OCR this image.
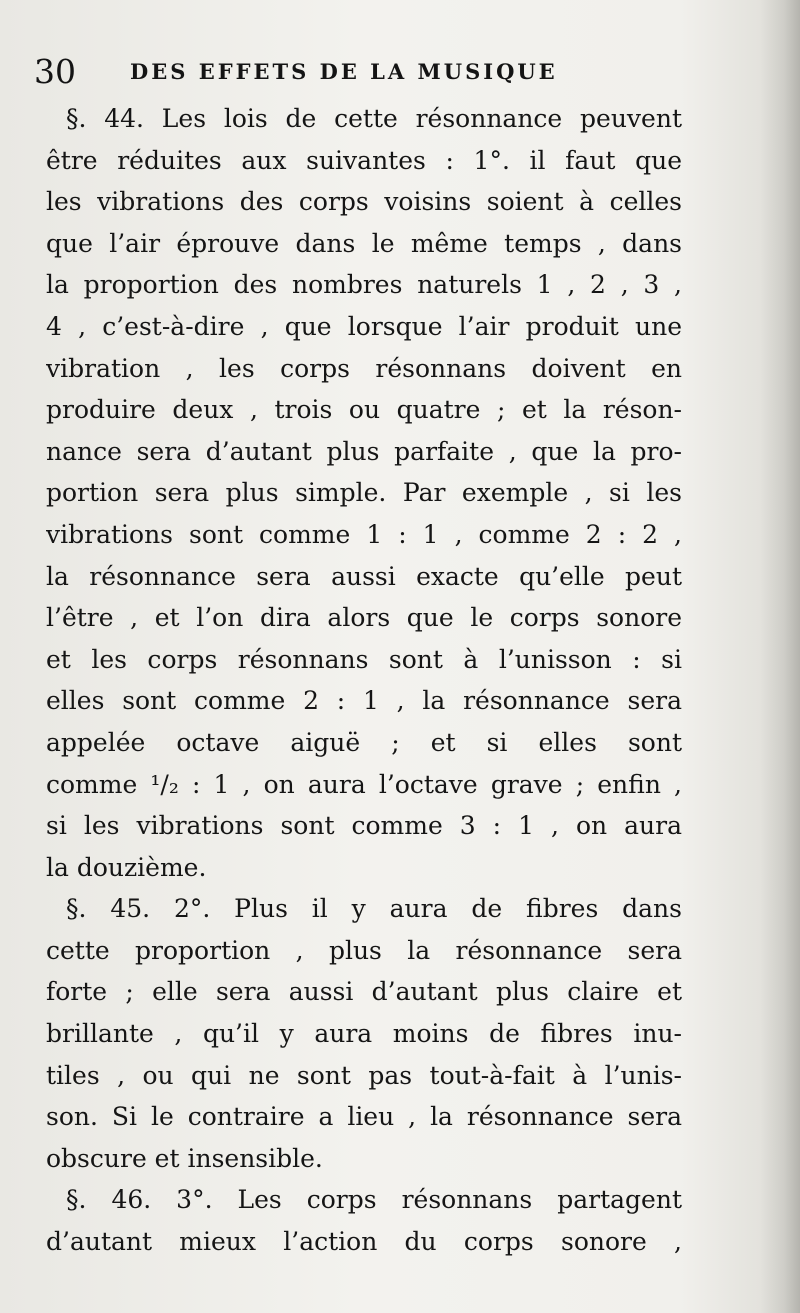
30	DES EFFETS DE LA MUSIQUE
§. 44. Les lois de cette résonnance peuvent
être réduites aux suivantes : 1°. il faut que
les vibrations des corps voisins soient à celles
que l’air éprouve dans le même temps , dans
la proportion des nombres naturels 1 , 2 , 3 ,
4 , c’est-à-dire , que lorsque l’air produit une
vibration , les corps résonnans doivent en
produire deux , trois ou quatre ; et la réson-
nance sera d’autant plus parfaite , que la pro-
portion sera plus simple. Par exemple , si les
vibrations sont comme 1 : 1 , comme 2 : 2 ,
la résonnance sera aussi exacte qu’elle peut
l’être , et l’on dira alors que le corps sonore
et les corps résonnans sont à l’unisson : si
elles sont comme 2 : 1 , la résonnance sera
appelée octave aiguë ; et si elles sont
comme ¹/₂ : 1 , on aura l’octave grave ; enfin ,
si les vibrations sont comme 3 : 1 , on aura
la douzième.
§. 45. 2°. Plus il y aura de fibres dans
cette proportion , plus la résonnance sera
forte ; elle sera aussi d’autant plus claire et
brillante , qu’il y aura moins de fibres inu-
tiles , ou qui ne sont pas tout-à-fait à l’unis-
son. Si le contraire a lieu , la résonnance sera
obscure et insensible.
§. 46. 3°. Les corps résonnans partagent
d’autant mieux l’action du corps sonore ,
